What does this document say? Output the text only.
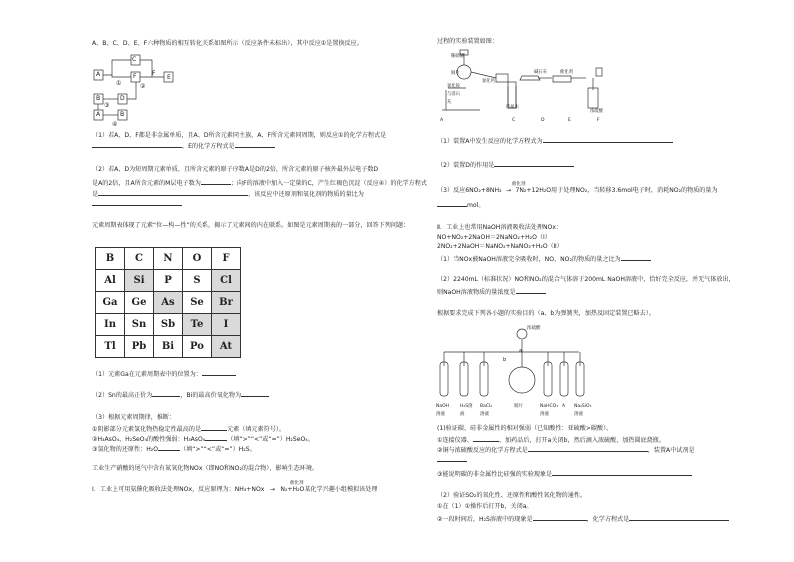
A、B、C、D、E、F六种物质的相互转化关系如图所示（反应条件未标出），其中反应①是置换反应。
A
C
F
E
F
B	D
B
A
①	②
③
④
（1）若A、D、F都是非金属单质，且A、D所含元素同主族，A、F所含元素同周期，则反应①的化学方程式是
，E的化学方程式是
（2）若A、D为短周期元素单质，且所含元素的原子序数A是D的2倍，所含元素的原子核外最外层电子数D
是A的2倍，且A所含元素的M层电子数为	；向F的溶液中加入一定量的C，产生红褐色沉淀（反应④）的化学方程式
是	，该反应中还原剂和氧化剂的物质的量比为
元素周期表体现了元素“位—构—性”的关系，揭示了元素间的内在联系。如图是元素周期表的一部分，回答下列问题：
B	C	N	O	F
Al	Si	P	S	Cl
Ga	Ge	As	Se	Br
In	Sn	Sb	Te	I
Tl	Pb	Bi	Po	At
（1）元素Ga在元素周期表中的位置为：
（2）Sn的最高正价为	，Bi的最高价氧化物为
（3）根据元素周期律，推断：
①阴影部分元素氢化物热稳定性最高的是	元素（填元素符号）。
②H₃AsO₄、H₂SeO₄的酸性强弱：H₃AsO₄	（填“>”“<”或“=”）H₂SeO₄。
③氢化物的还原性：H₂O	（填“>”“<”或“=”）H₂S。
工业生产硝酸的尾气中含有氮氧化物NOx（即NO和NO₂的混合物），影响生态环境。
催化剂
Ⅰ．工业上可用氨催化吸收法处理NOx，反应原理为：NH₃+NOx → N₂+H₂O某化学兴趣小组模拟该处理
过程的实验装置如图：
稀硝酸
铜片
氯化铵与消石灰
氯化钙
浓氨水
碱石灰	催化剂
浓硫酸
A	C	D	E	F
（1）装置A中发生反应的化学方程式为
（2）装置D的作用是
催化剂
（3）反应6NO₂+8NH₃ → 7N₂+12H₂O用于处理NO₂，当转移3.6mol电子时，消耗NO₂的物质的量为
mol。
Ⅱ．工业上也常用NaOH溶液吸收法处理NOx：
NO+NO₂+2NaOH＝2NaNO₂+H₂O（Ⅰ）
2NO₂+2NaOH＝NaNO₂+NaNO₃+H₂O（Ⅱ）
（1）当NOx被NaOH溶液完全吸收时，NO、NO₂的物质的量之比为
（2）2240mL（标准状况）NO和NO₂的混合气体溶于200mL NaOH溶液中，恰好完全反应，并无气体放出，
则NaOH溶液物质的量浓度是
根据要求完成下列各小题的实验目的（a、b为弹簧夹，加热及固定装置已略去）。
浓硫酸
a
b
NaOH溶液
H₂S溶液
BaCl₂溶液
铜片	NaHCO₃溶液
A Na₂SiO₃溶液
(1)验证碳、硅非金属性的相对强弱（已知酸性：亚硫酸>碳酸）。
①连接仪器、	、加药品后，打开a关闭b，然后滴入浓硫酸，加热圆底烧瓶。
②铜与浓硫酸反应的化学方程式是	，装置A中试剂是
③能说明碳的非金属性比硅强的实验现象是
（2）验证SO₂的氧化性、还原性和酸性氧化物的通性。
①在（1）①操作后打开b，关闭a。
②一段时间后，H₂S溶液中的现象是	，化学方程式是
